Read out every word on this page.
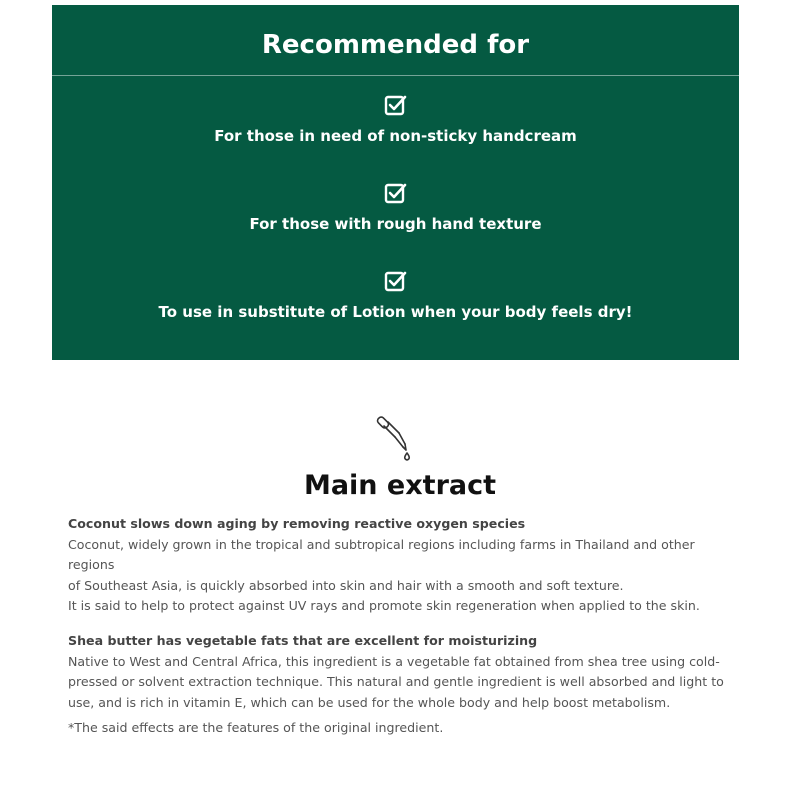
Recommended for
For those in need of non-sticky handcream
For those with rough hand texture
To use in substitute of Lotion when your body feels dry!
Main extract
Coconut slows down aging by removing reactive oxygen species
Coconut, widely grown in the tropical and subtropical regions including farms in Thailand and other regions
of Southeast Asia, is quickly absorbed into skin and hair with a smooth and soft texture.
It is said to help to protect against UV rays and promote skin regeneration when applied to the skin.
Shea butter has vegetable fats that are excellent for moisturizing
Native to West and Central Africa, this ingredient is a vegetable fat obtained from shea tree using cold-
pressed or solvent extraction technique. This natural and gentle ingredient is well absorbed and light to
use, and is rich in vitamin E, which can be used for the whole body and help boost metabolism.
*The said effects are the features of the original ingredient.
